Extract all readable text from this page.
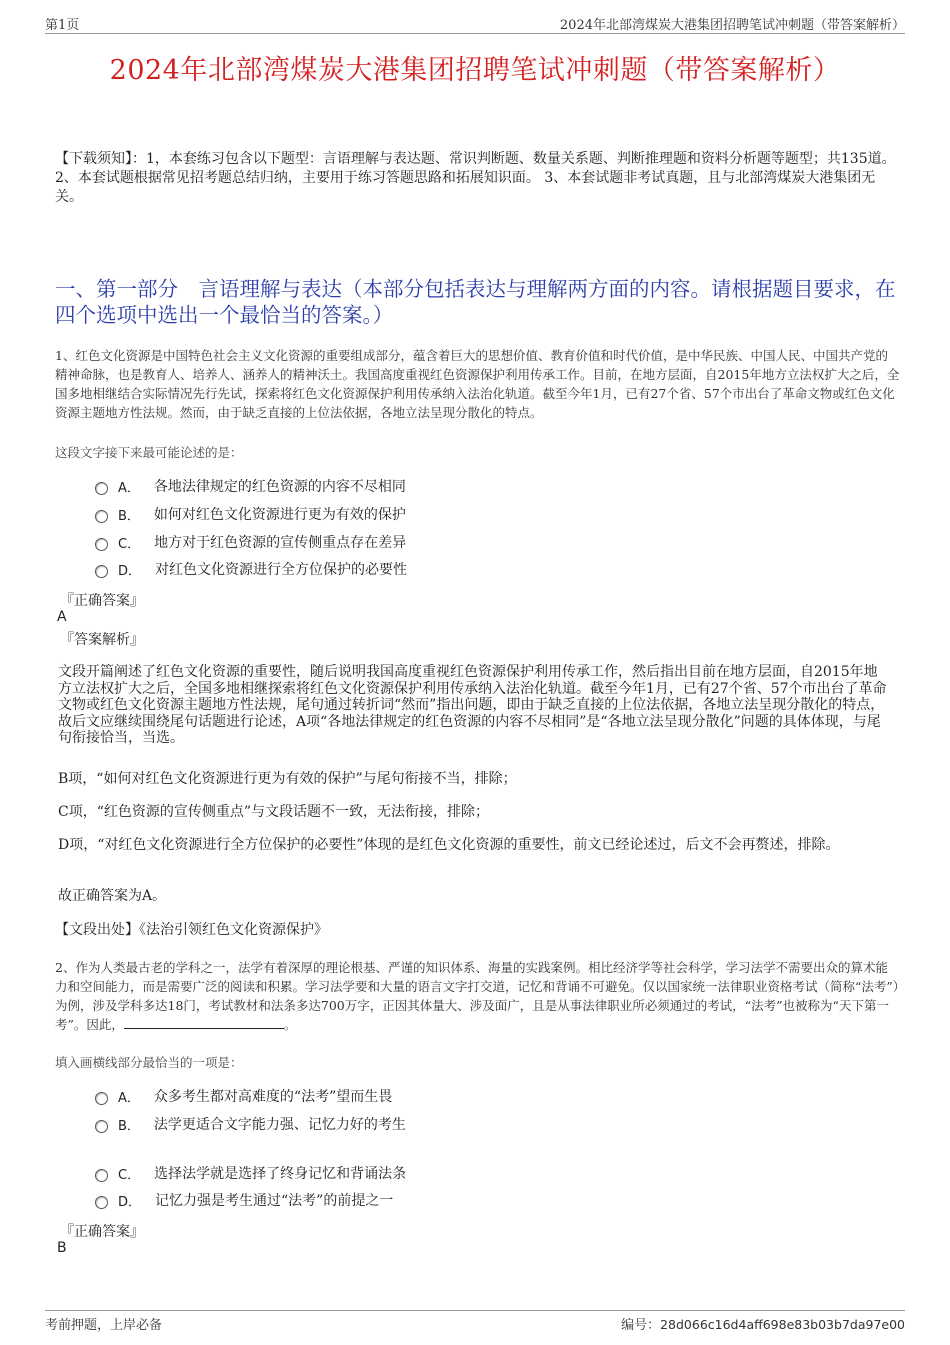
第1页	2024年北部湾煤炭大港集团招聘笔试冲刺题（带答案解析）
2024年北部湾煤炭大港集团招聘笔试冲刺题（带答案解析）
【下载须知】：1，本套练习包含以下题型：言语理解与表达题、常识判断题、数量关系题、判断推理题和资料分析题等题型；共135道。 2、本套试题根据常见招考题总结归纳，主要用于练习答题思路和拓展知识面。 3、本套试题非考试真题，且与北部湾煤炭大港集团无关。
一、第一部分　言语理解与表达（本部分包括表达与理解两方面的内容。请根据题目要求，在四个选项中选出一个最恰当的答案。）
1、红色文化资源是中国特色社会主义文化资源的重要组成部分，蕴含着巨大的思想价值、教育价值和时代价值，是中华民族、中国人民、中国共产党的精神命脉，也是教育人、培养人、涵养人的精神沃土。我国高度重视红色资源保护利用传承工作。目前，在地方层面，自2015年地方立法权扩大之后，全国多地相继结合实际情况先行先试，探索将红色文化资源保护利用传承纳入法治化轨道。截至今年1月，已有27个省、57个市出台了革命文物或红色文化资源主题地方性法规。然而，由于缺乏直接的上位法依据，各地立法呈现分散化的特点。
这段文字接下来最可能论述的是：
A． 各地法律规定的红色资源的内容不尽相同
B． 如何对红色文化资源进行更为有效的保护
C． 地方对于红色资源的宣传侧重点存在差异
D． 对红色文化资源进行全方位保护的必要性
『正确答案』
A
『答案解析』
文段开篇阐述了红色文化资源的重要性，随后说明我国高度重视红色资源保护利用传承工作，然后指出目前在地方层面，自2015年地方立法权扩大之后，全国多地相继探索将红色文化资源保护利用传承纳入法治化轨道。截至今年1月，已有27个省、57个市出台了革命文物或红色文化资源主题地方性法规，尾句通过转折词“然而”指出问题，即由于缺乏直接的上位法依据，各地立法呈现分散化的特点，故后文应继续围绕尾句话题进行论述，A项“各地法律规定的红色资源的内容不尽相同”是“各地立法呈现分散化”问题的具体体现，与尾句衔接恰当，当选。
B项，“如何对红色文化资源进行更为有效的保护”与尾句衔接不当，排除；
C项，“红色资源的宣传侧重点”与文段话题不一致，无法衔接，排除；
D项，“对红色文化资源进行全方位保护的必要性”体现的是红色文化资源的重要性，前文已经论述过，后文不会再赘述，排除。
故正确答案为A。
【文段出处】《法治引领红色文化资源保护》
2、作为人类最古老的学科之一，法学有着深厚的理论根基、严谨的知识体系、海量的实践案例。相比经济学等社会科学，学习法学不需要出众的算术能力和空间能力，而是需要广泛的阅读和积累。学习法学要和大量的语言文字打交道，记忆和背诵不可避免。仅以国家统一法律职业资格考试（简称“法考”）为例，涉及学科多达18门，考试教材和法条多达700万字，正因其体量大、涉及面广，且是从事法律职业所必须通过的考试，“法考”也被称为“天下第一考”。因此，	。
填入画横线部分最恰当的一项是：
A． 众多考生都对高难度的“法考”望而生畏
B． 法学更适合文字能力强、记忆力好的考生
C． 选择法学就是选择了终身记忆和背诵法条
D． 记忆力强是考生通过“法考”的前提之一
『正确答案』
B
考前押题，上岸必备	编号：28d066c16d4aff698e83b03b7da97e00
